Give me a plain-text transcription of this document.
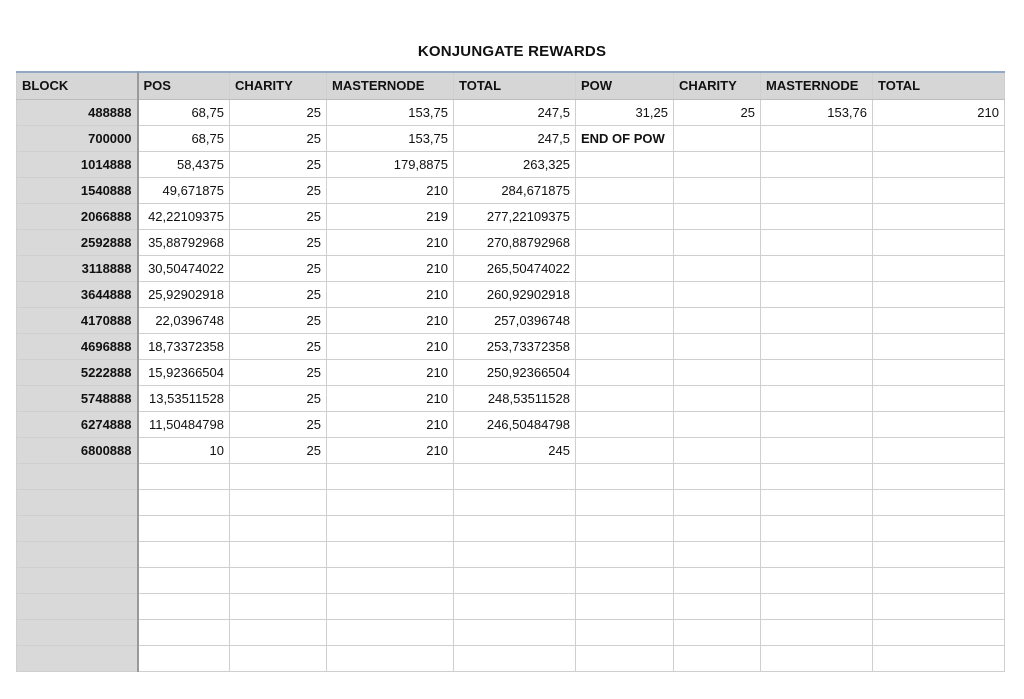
KONJUNGATE REWARDS
BLOCK	POS	CHARITY	MASTERNODE	TOTAL	POW	CHARITY	MASTERNODE	TOTAL
488888	68,75	25	153,75	247,5	31,25	25	153,76	210
700000	68,75	25	153,75	247,5	END OF POW			
1014888	58,4375	25	179,8875	263,325				
1540888	49,671875	25	210	284,671875				
2066888	42,22109375	25	219	277,22109375				
2592888	35,88792968	25	210	270,88792968				
3118888	30,50474022	25	210	265,50474022				
3644888	25,92902918	25	210	260,92902918				
4170888	22,0396748	25	210	257,0396748				
4696888	18,73372358	25	210	253,73372358				
5222888	15,92366504	25	210	250,92366504				
5748888	13,53511528	25	210	248,53511528				
6274888	11,50484798	25	210	246,50484798				
6800888	10	25	210	245				
